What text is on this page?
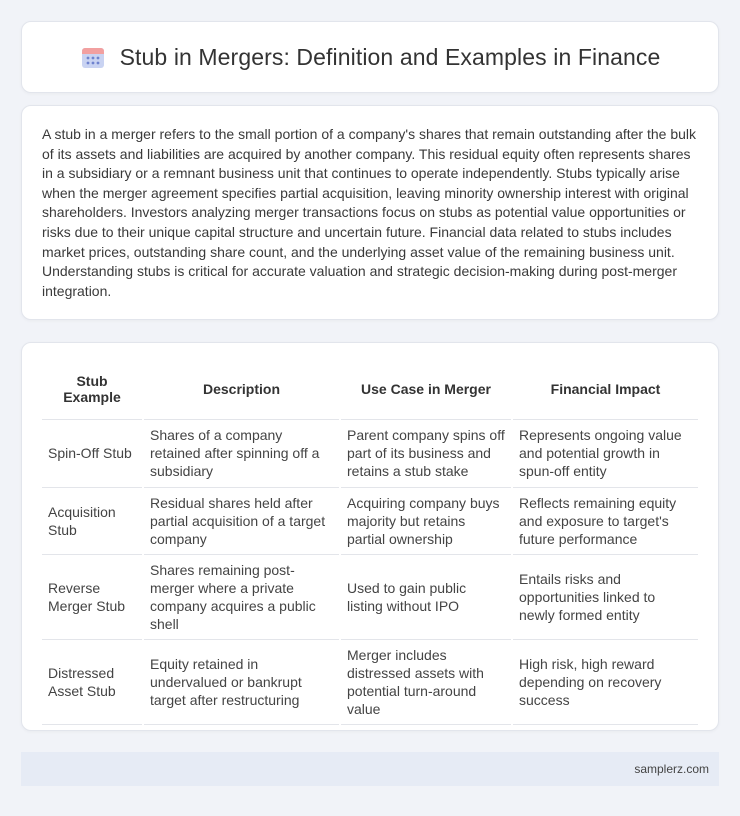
Stub in Mergers: Definition and Examples in Finance

A stub in a merger refers to the small portion of a company's shares that remain outstanding after the bulk of its assets and liabilities are acquired by another company. This residual equity often represents shares in a subsidiary or a remnant business unit that continues to operate independently. Stubs typically arise when the merger agreement specifies partial acquisition, leaving minority ownership interest with original shareholders. Investors analyzing merger transactions focus on stubs as potential value opportunities or risks due to their unique capital structure and uncertain future. Financial data related to stubs includes market prices, outstanding share count, and the underlying asset value of the remaining business unit. Understanding stubs is critical for accurate valuation and strategic decision-making during post-merger integration.

Stub Example	Description	Use Case in Merger	Financial Impact
Spin-Off Stub	Shares of a company retained after spinning off a subsidiary	Parent company spins off part of its business and retains a stub stake	Represents ongoing value and potential growth in spun-off entity
Acquisition Stub	Residual shares held after partial acquisition of a target company	Acquiring company buys majority but retains partial ownership	Reflects remaining equity and exposure to target's future performance
Reverse Merger Stub	Shares remaining post-merger where a private company acquires a public shell	Used to gain public listing without IPO	Entails risks and opportunities linked to newly formed entity
Distressed Asset Stub	Equity retained in undervalued or bankrupt target after restructuring	Merger includes distressed assets with potential turn-around value	High risk, high reward depending on recovery success
samplerz.com
